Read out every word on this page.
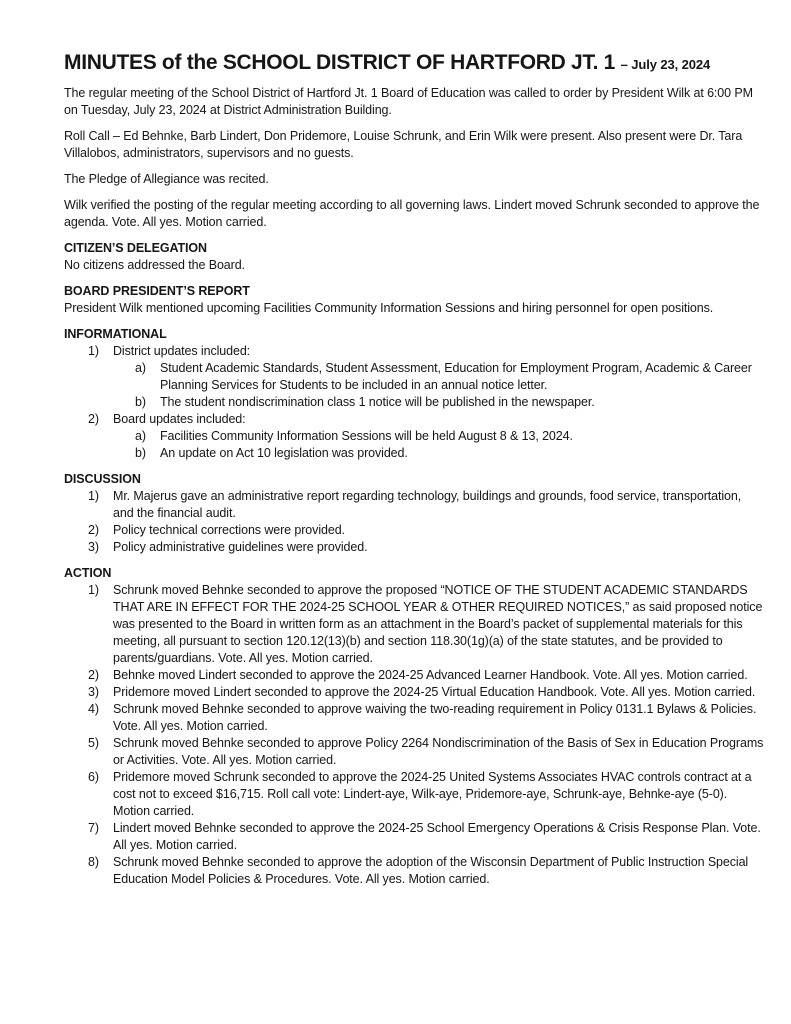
MINUTES of the SCHOOL DISTRICT OF HARTFORD JT. 1 – July 23, 2024

The regular meeting of the School District of Hartford Jt. 1 Board of Education was called to order by President Wilk at 6:00 PM on Tuesday, July 23, 2024 at District Administration Building.

Roll Call – Ed Behnke, Barb Lindert, Don Pridemore, Louise Schrunk, and Erin Wilk were present. Also present were Dr. Tara Villalobos, administrators, supervisors and no guests.

The Pledge of Allegiance was recited.

Wilk verified the posting of the regular meeting according to all governing laws. Lindert moved Schrunk seconded to approve the agenda. Vote. All yes. Motion carried.

CITIZEN’S DELEGATION

No citizens addressed the Board.

BOARD PRESIDENT’S REPORT

President Wilk mentioned upcoming Facilities Community Information Sessions and hiring personnel for open positions.

INFORMATIONAL
1)	District updates included:
a)	Student Academic Standards, Student Assessment, Education for Employment Program, Academic & Career Planning Services for Students to be included in an annual notice letter.
b)	The student nondiscrimination class 1 notice will be published in the newspaper.
2)	Board updates included:
a)	Facilities Community Information Sessions will be held August 8 & 13, 2024.
b)	An update on Act 10 legislation was provided.
DISCUSSION
1)	Mr. Majerus gave an administrative report regarding technology, buildings and grounds, food service, transportation, and the financial audit.
2)	Policy technical corrections were provided.
3)	Policy administrative guidelines were provided.
ACTION
1)	Schrunk moved Behnke seconded to approve the proposed “NOTICE OF THE STUDENT ACADEMIC STANDARDS THAT ARE IN EFFECT FOR THE 2024-25 SCHOOL YEAR & OTHER REQUIRED NOTICES,” as said proposed notice was presented to the Board in written form as an attachment in the Board’s packet of supplemental materials for this meeting, all pursuant to section 120.12(13)(b) and section 118.30(1g)(a) of the state statutes, and be provided to parents/guardians. Vote. All yes. Motion carried.
2)	Behnke moved Lindert seconded to approve the 2024-25 Advanced Learner Handbook. Vote. All yes. Motion carried.
3)	Pridemore moved Lindert seconded to approve the 2024-25 Virtual Education Handbook. Vote. All yes. Motion carried.
4)	Schrunk moved Behnke seconded to approve waiving the two-reading requirement in Policy 0131.1 Bylaws & Policies. Vote. All yes. Motion carried.
5)	Schrunk moved Behnke seconded to approve Policy 2264 Nondiscrimination of the Basis of Sex in Education Programs or Activities. Vote. All yes. Motion carried.
6)	Pridemore moved Schrunk seconded to approve the 2024-25 United Systems Associates HVAC controls contract at a cost not to exceed $16,715. Roll call vote: Lindert-aye, Wilk-aye, Pridemore-aye, Schrunk-aye, Behnke-aye (5-0). Motion carried.
7)	Lindert moved Behnke seconded to approve the 2024-25 School Emergency Operations & Crisis Response Plan. Vote. All yes. Motion carried.
8)	Schrunk moved Behnke seconded to approve the adoption of the Wisconsin Department of Public Instruction Special Education Model Policies & Procedures. Vote. All yes. Motion carried.
